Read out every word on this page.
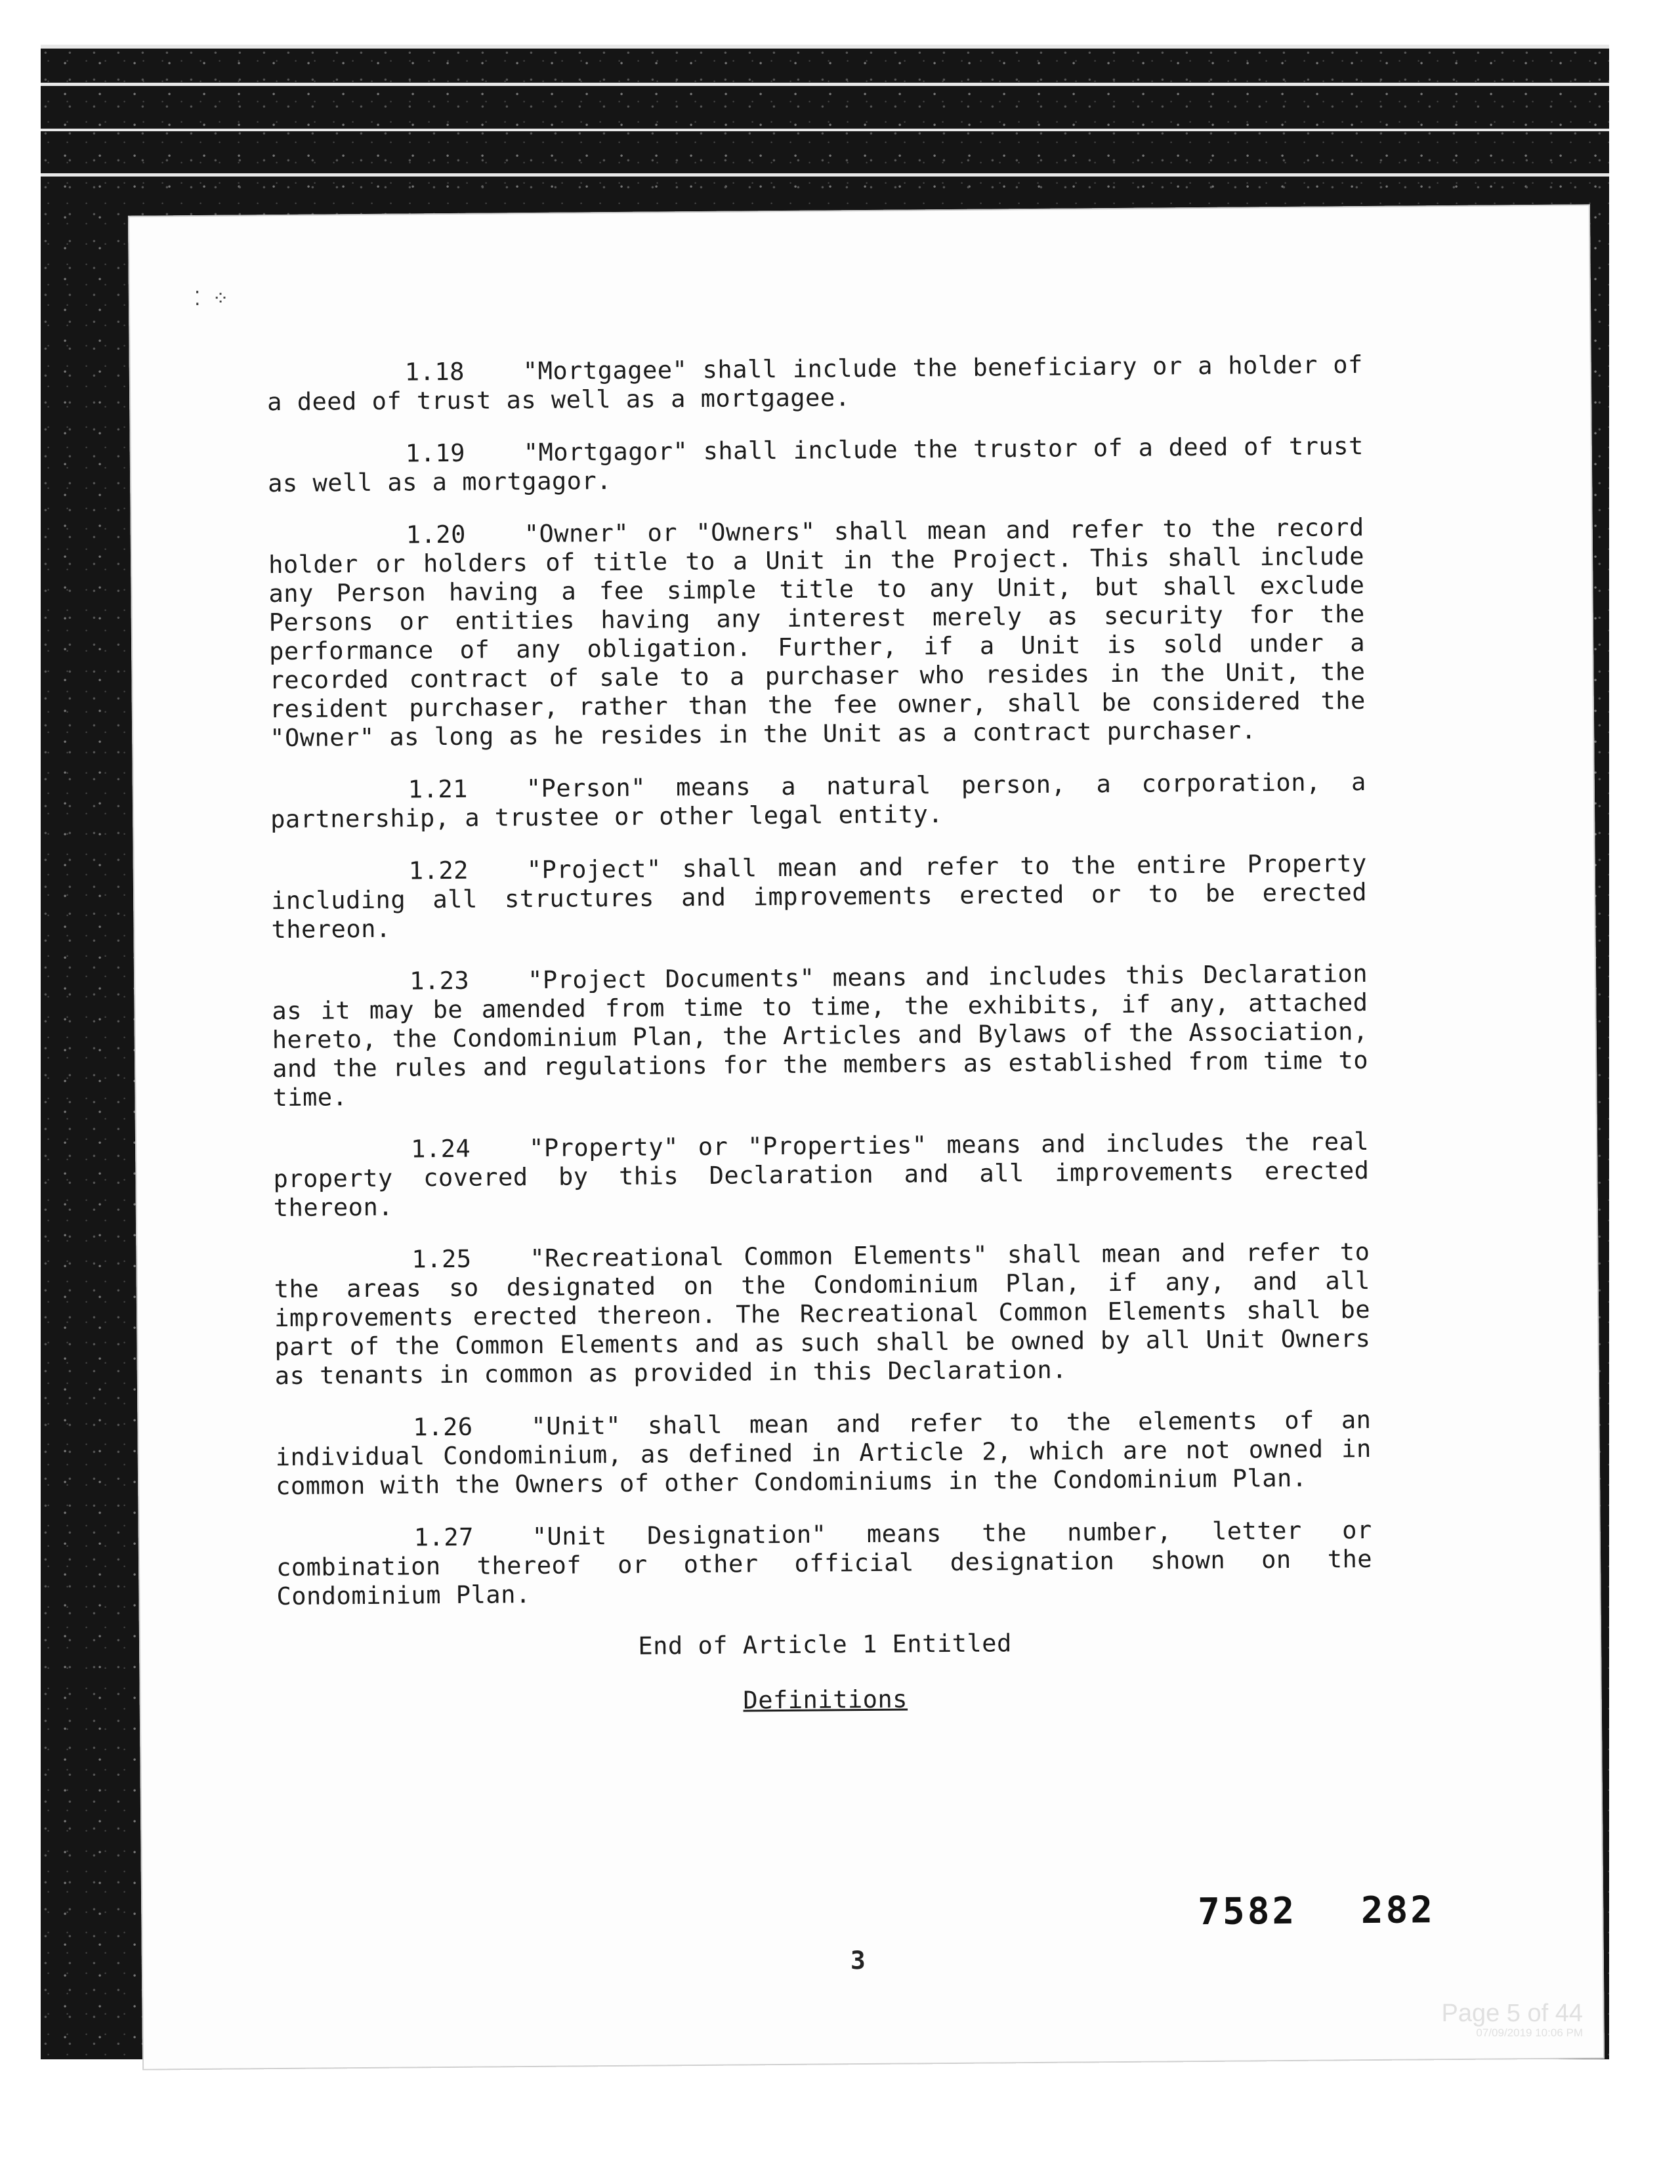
⁚ ⁘

1.18 "Mortgagee" shall include the beneficiary or a holder of a deed of trust as well as a mortgagee.

1.19 "Mortgagor" shall include the trustor of a deed of trust as well as a mortgagor.

1.20 "Owner" or "Owners" shall mean and refer to the record holder or holders of title to a Unit in the Project. This shall include any Person having a fee simple title to any Unit, but shall exclude Persons or entities having any interest merely as security for the performance of any obligation. Further, if a Unit is sold under a recorded contract of sale to a purchaser who resides in the Unit, the resident purchaser, rather than the fee owner, shall be considered the "Owner" as long as he resides in the Unit as a contract purchaser.

1.21 "Person" means a natural person, a corporation, a partnership, a trustee or other legal entity.

1.22 "Project" shall mean and refer to the entire Property including all structures and improvements erected or to be erected thereon.

1.23 "Project Documents" means and includes this Declaration as it may be amended from time to time, the exhibits, if any, attached hereto, the Condominium Plan, the Articles and Bylaws of the Association, and the rules and regulations for the members as established from time to time.

1.24 "Property" or "Properties" means and includes the real property covered by this Declaration and all improvements erected thereon.

1.25 "Recreational Common Elements" shall mean and refer to the areas so designated on the Condominium Plan, if any, and all improvements erected thereon. The Recreational Common Elements shall be part of the Common Elements and as such shall be owned by all Unit Owners as tenants in common as provided in this Declaration.

1.26 "Unit" shall mean and refer to the elements of an individual Condominium, as defined in Article 2, which are not owned in common with the Owners of other Condominiums in the Condominium Plan.

1.27 "Unit Designation" means the number, letter or combination thereof or other official designation shown on the Condominium Plan.

End of Article 1 Entitled

Definitions

7582 282
3
Page 5 of 44
07/09/2019 10:06 PM
